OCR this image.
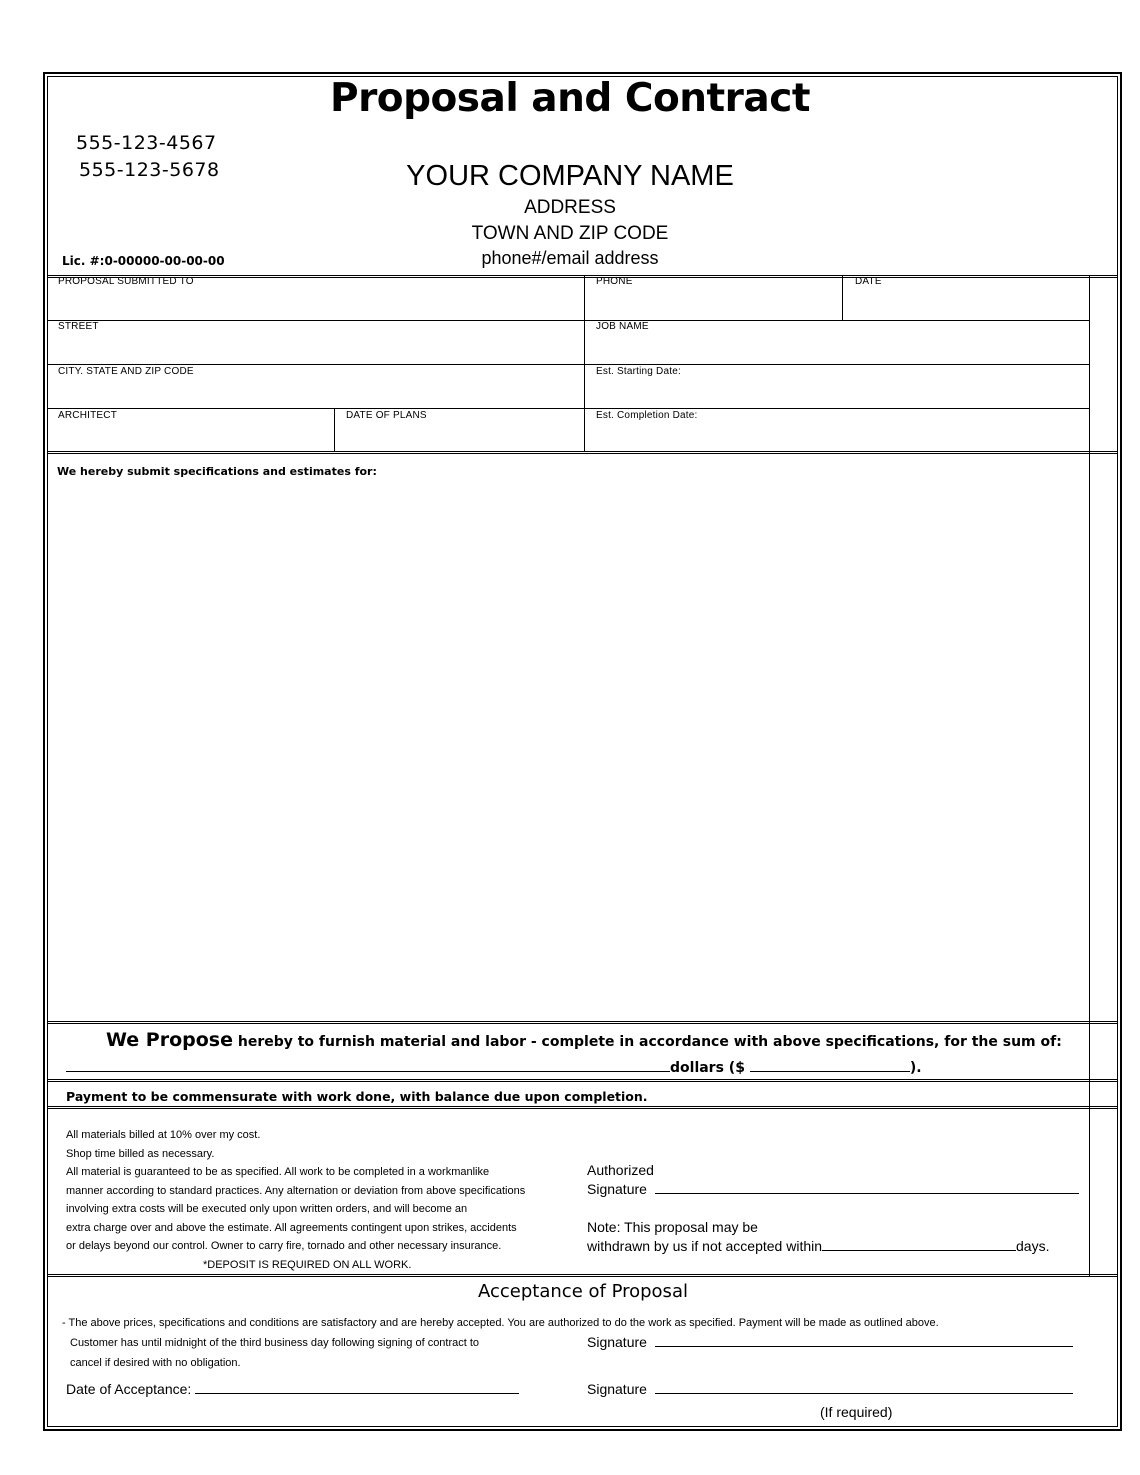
Proposal and Contract
555-123-4567
555-123-5678	YOUR COMPANY NAME
ADDRESS
TOWN AND ZIP CODE
phone#/email address
Lic. #:0-00000-00-00-00
PROPOSAL SUBMITTED TO	PHONE	DATE
STREET	JOB NAME
CITY. STATE AND ZIP CODE	Est. Starting Date:
ARCHITECT	DATE OF PLANS	Est. Completion Date:
We hereby submit specifications and estimates for:
We Propose hereby to furnish material and labor - complete in accordance with above specifications, for the sum of:
dollars ($	).
Payment to be commensurate with work done, with balance due upon completion.
All materials billed at 10% over my cost.
Shop time billed as necessary.
All material is guaranteed to be as specified. All work to be completed in a workmanlike
manner according to standard practices. Any alternation or deviation from above specifications
involving extra costs will be executed only upon written orders, and will become an
extra charge over and above the estimate. All agreements contingent upon strikes, accidents
or delays beyond our control. Owner to carry fire, tornado and other necessary insurance.
*DEPOSIT IS REQUIRED ON ALL WORK.
Authorized
Signature
Note: This proposal may be
withdrawn by us if not accepted within	days.
Acceptance of Proposal
- The above prices, specifications and conditions are satisfactory and are hereby accepted. You are authorized to do the work as specified. Payment will be made as outlined above.
Customer has until midnight of the third business day following signing of contract to
cancel if desired with no obligation.
Signature
Date of Acceptance:	Signature
(If required)
